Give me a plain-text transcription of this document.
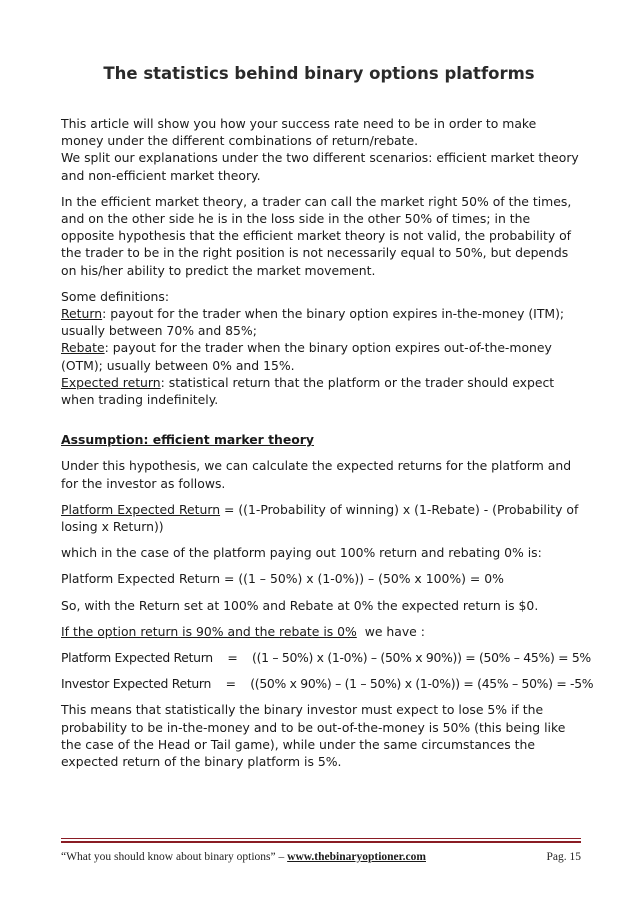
The statistics behind binary options platforms

This article will show you how your success rate need to be in order to make money under the different combinations of return/rebate.
We split our explanations under the two different scenarios: efficient market theory and non-efficient market theory.

In the efficient market theory, a trader can call the market right 50% of the times, and on the other side he is in the loss side in the other 50% of times; in the opposite hypothesis that the efficient market theory is not valid, the probability of the trader to be in the right position is not necessarily equal to 50%, but depends on his/her ability to predict the market movement.

Some definitions:
Return: payout for the trader when the binary option expires in-the-money (ITM); usually between 70% and 85%;
Rebate: payout for the trader when the binary option expires out-of-the-money (OTM); usually between 0% and 15%.
Expected return: statistical return that the platform or the trader should expect when trading indefinitely.

Assumption: efficient marker theory

Under this hypothesis, we can calculate the expected returns for the platform and for the investor as follows.

Platform Expected Return = ((1-Probability of winning) x (1-Rebate) - (Probability of losing x Return))

which in the case of the platform paying out 100% return and rebating 0% is:

Platform Expected Return = ((1 – 50%) x (1-0%)) – (50% x 100%) = 0%

So, with the Return set at 100% and Rebate at 0% the expected return is $0.

If the option return is 90% and the rebate is 0%  we have :

Platform Expected Return    =    ((1 – 50%) x (1-0%) – (50% x 90%)) = (50% – 45%) = 5%

Investor Expected Return    =    ((50% x 90%) – (1 – 50%) x (1-0%)) = (45% – 50%) = -5%

This means that statistically the binary investor must expect to lose 5% if the probability to be in-the-money and to be out-of-the-money is 50% (this being like the case of the Head or Tail game), while under the same circumstances the expected return of the binary platform is 5%.

“What you should know about binary options” – www.thebinaryoptioner.com	Pag. 15
